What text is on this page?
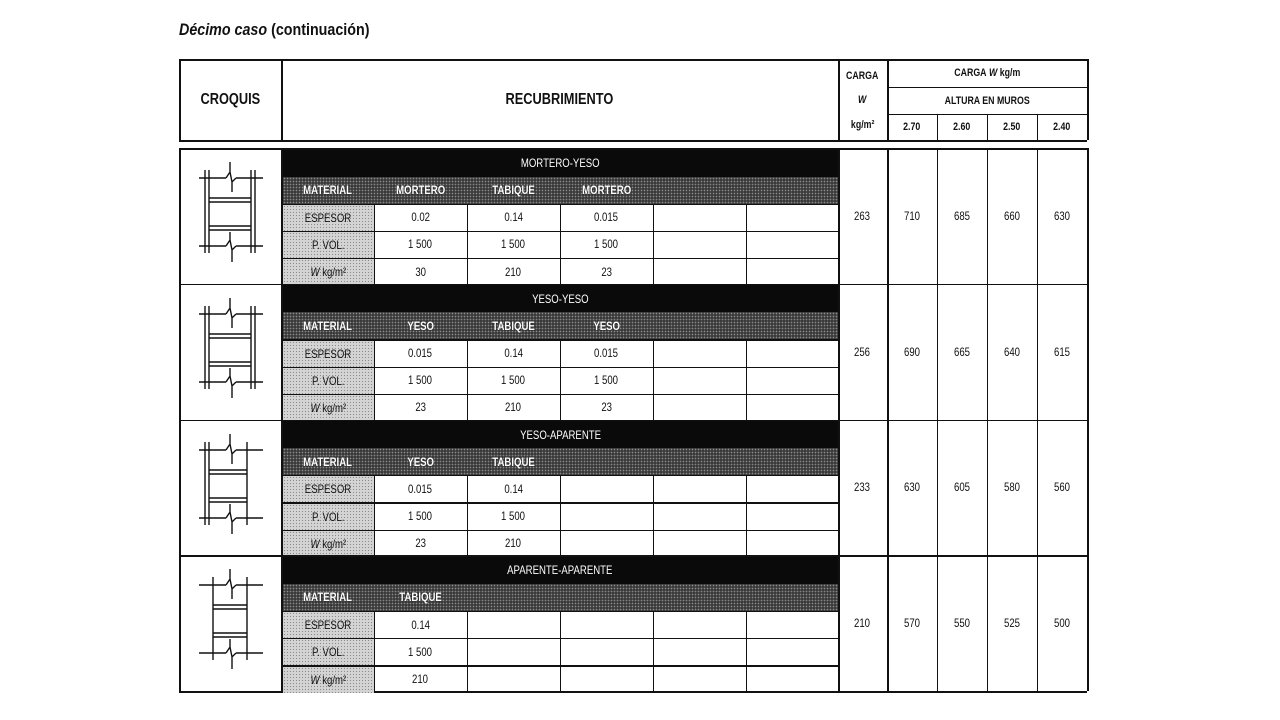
Décimo caso (continuación)
CROQUIS	RECUBRIMIENTO
CARGA
W
kg/m²
CARGA W kg/m
ALTURA EN MUROS
2.70	2.60	2.50	2.40
MORTERO-YESO
MATERIAL	MORTERO	TABIQUE	MORTERO
ESPESOR	0.02	0.14	0.015
P. VOL.	1 500	1 500	1 500
W kg/m²	30	210	23
263	710	685	660	630
YESO-YESO
MATERIAL	YESO	TABIQUE	YESO
ESPESOR	0.015	0.14	0.015
P. VOL.	1 500	1 500	1 500
W kg/m²	23	210	23
256	690	665	640	615
YESO-APARENTE
MATERIAL	YESO	TABIQUE
ESPESOR	0.015	0.14
P. VOL.	1 500	1 500
W kg/m²	23	210
233	630	605	580	560
APARENTE-APARENTE
MATERIAL	TABIQUE
ESPESOR	0.14
P. VOL.	1 500
W kg/m²	210
210	570	550	525	500
